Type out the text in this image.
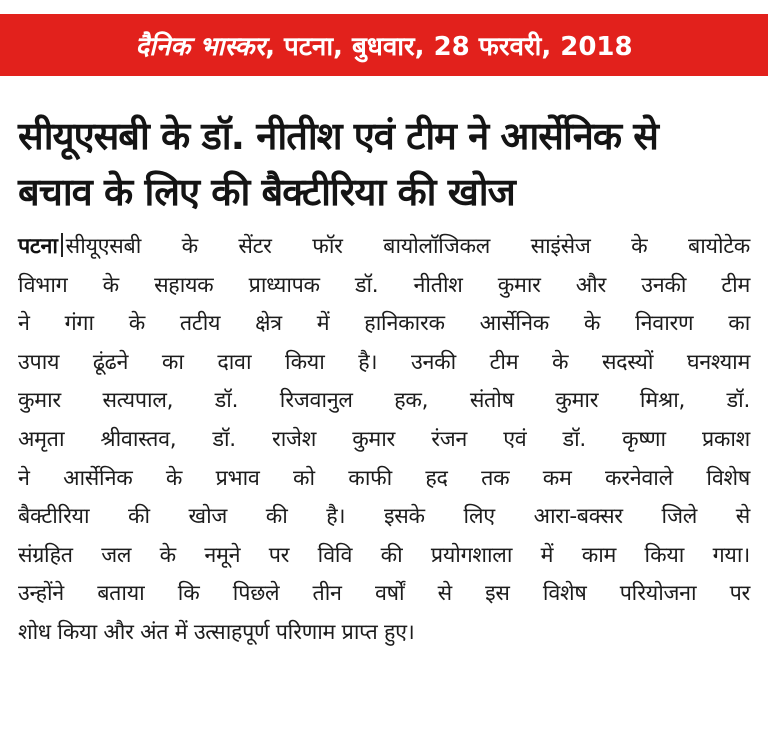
दैनिक भास्कर, पटना, बुधवार, 28 फरवरी, 2018
सीयूएसबी के डॉ. नीतीश एवं टीम ने आर्सेनिक से
बचाव के लिए की बैक्टीरिया की खोज
पटना सीयूएसबी के सेंटर फॉर बायोलॉजिकल साइंसेज के बायोटेक
विभाग के सहायक प्राध्यापक डॉ. नीतीश कुमार और उनकी टीम
ने गंगा के तटीय क्षेत्र में हानिकारक आर्सेनिक के निवारण का
उपाय ढूंढने का दावा किया है। उनकी टीम के सदस्यों घनश्याम
कुमार सत्यपाल, डॉ. रिजवानुल हक, संतोष कुमार मिश्रा, डॉ.
अमृता श्रीवास्तव, डॉ. राजेश कुमार रंजन एवं डॉ. कृष्णा प्रकाश
ने आर्सेनिक के प्रभाव को काफी हद तक कम करनेवाले विशेष
बैक्टीरिया की खोज की है। इसके लिए आरा-बक्सर जिले से
संग्रहित जल के नमूने पर विवि की प्रयोगशाला में काम किया गया।
उन्होंने बताया कि पिछले तीन वर्षों से इस विशेष परियोजना पर
शोध किया और अंत में उत्साहपूर्ण परिणाम प्राप्त हुए।
